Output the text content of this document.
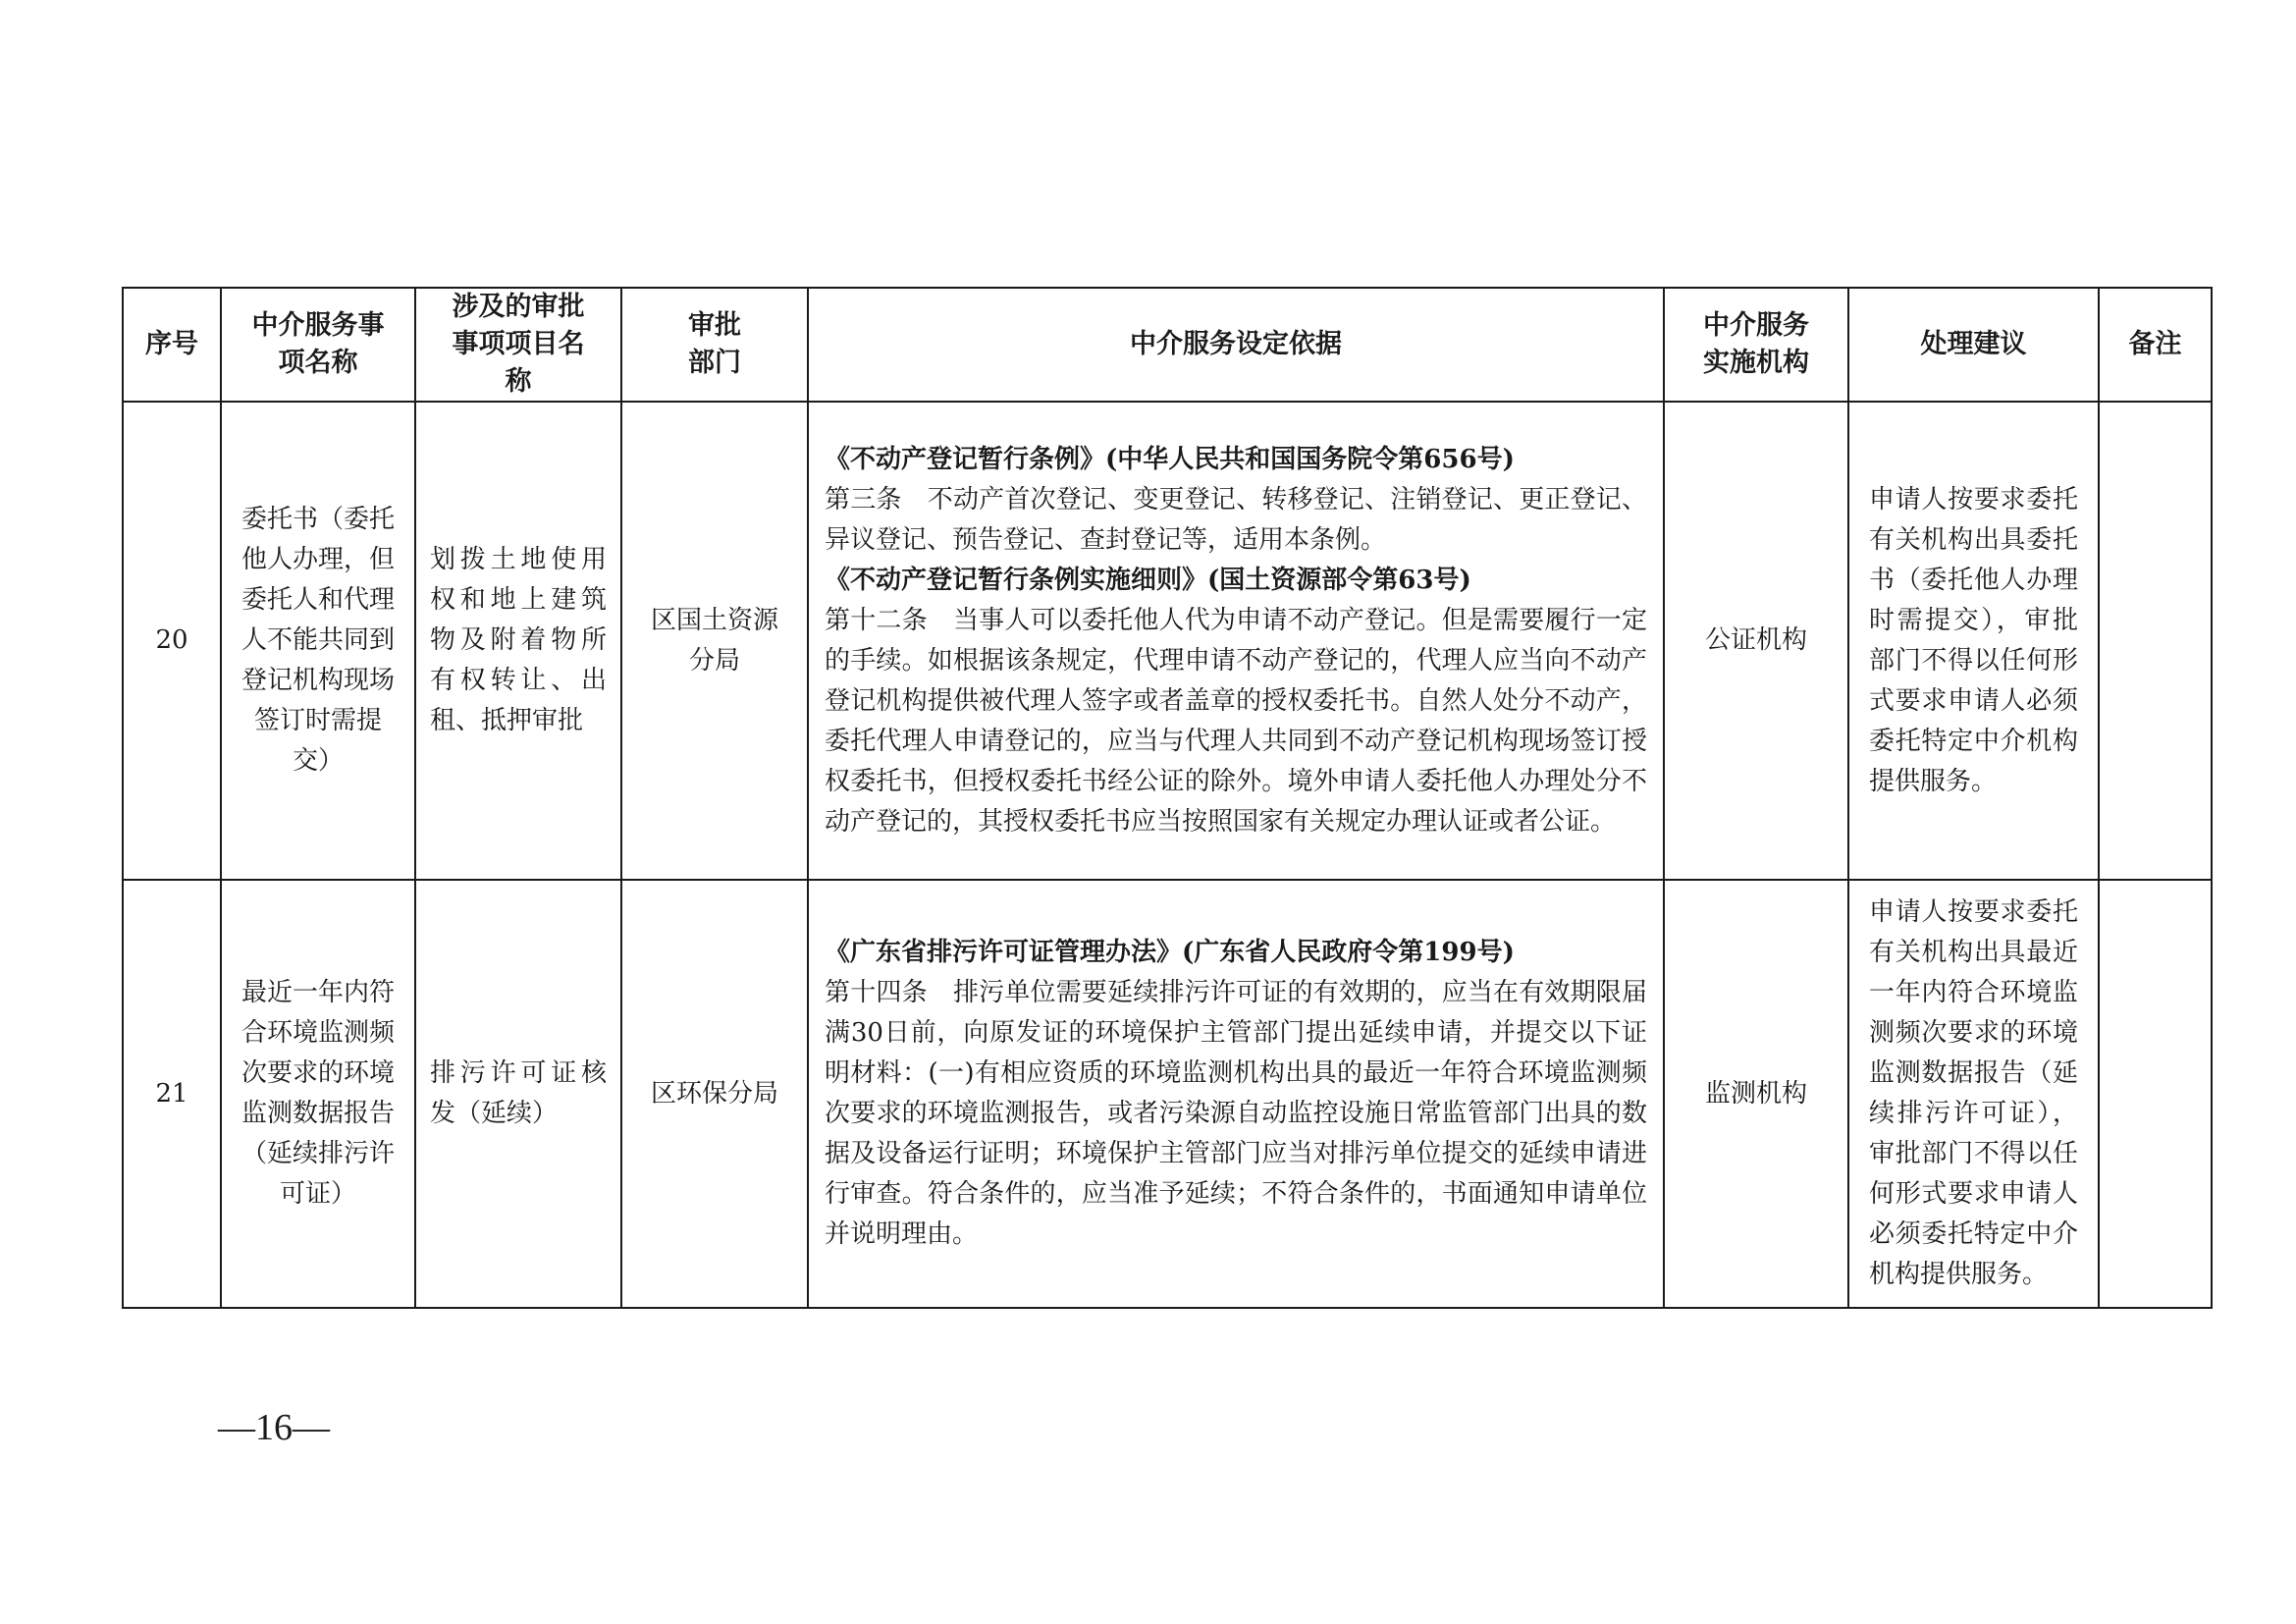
序号	中介服务事项名称	涉及的审批事项项目名称	审批部门	中介服务设定依据	中介服务实施机构	处理建议	备注
20	委托书（委托他人办理，但委托人和代理人不能共同到登记机构现场签订时需提交）	划拨土地使用权和地上建筑物及附着物所有权转让、出租、抵押审批	区国土资源分局	《不动产登记暂行条例》(中华人民共和国国务院令第656号)
第三条　不动产首次登记、变更登记、转移登记、注销登记、更正登记、异议登记、预告登记、查封登记等，适用本条例。
《不动产登记暂行条例实施细则》(国土资源部令第63号)
第十二条　当事人可以委托他人代为申请不动产登记。但是需要履行一定的手续。如根据该条规定，代理申请不动产登记的，代理人应当向不动产登记机构提供被代理人签字或者盖章的授权委托书。自然人处分不动产，委托代理人申请登记的，应当与代理人共同到不动产登记机构现场签订授权委托书，但授权委托书经公证的除外。境外申请人委托他人办理处分不动产登记的，其授权委托书应当按照国家有关规定办理认证或者公证。	公证机构	申请人按要求委托有关机构出具委托书（委托他人办理时需提交），审批部门不得以任何形式要求申请人必须委托特定中介机构提供服务。	
21	最近一年内符合环境监测频次要求的环境监测数据报告（延续排污许可证）	排污许可证核发（延续）	区环保分局	《广东省排污许可证管理办法》(广东省人民政府令第199号)
第十四条　排污单位需要延续排污许可证的有效期的，应当在有效期限届满30日前，向原发证的环境保护主管部门提出延续申请，并提交以下证明材料：(一)有相应资质的环境监测机构出具的最近一年符合环境监测频次要求的环境监测报告，或者污染源自动监控设施日常监管部门出具的数据及设备运行证明；环境保护主管部门应当对排污单位提交的延续申请进行审查。符合条件的，应当准予延续；不符合条件的，书面通知申请单位并说明理由。	监测机构	申请人按要求委托有关机构出具最近一年内符合环境监测频次要求的环境监测数据报告（延续排污许可证），审批部门不得以任何形式要求申请人必须委托特定中介机构提供服务。	
—16—
